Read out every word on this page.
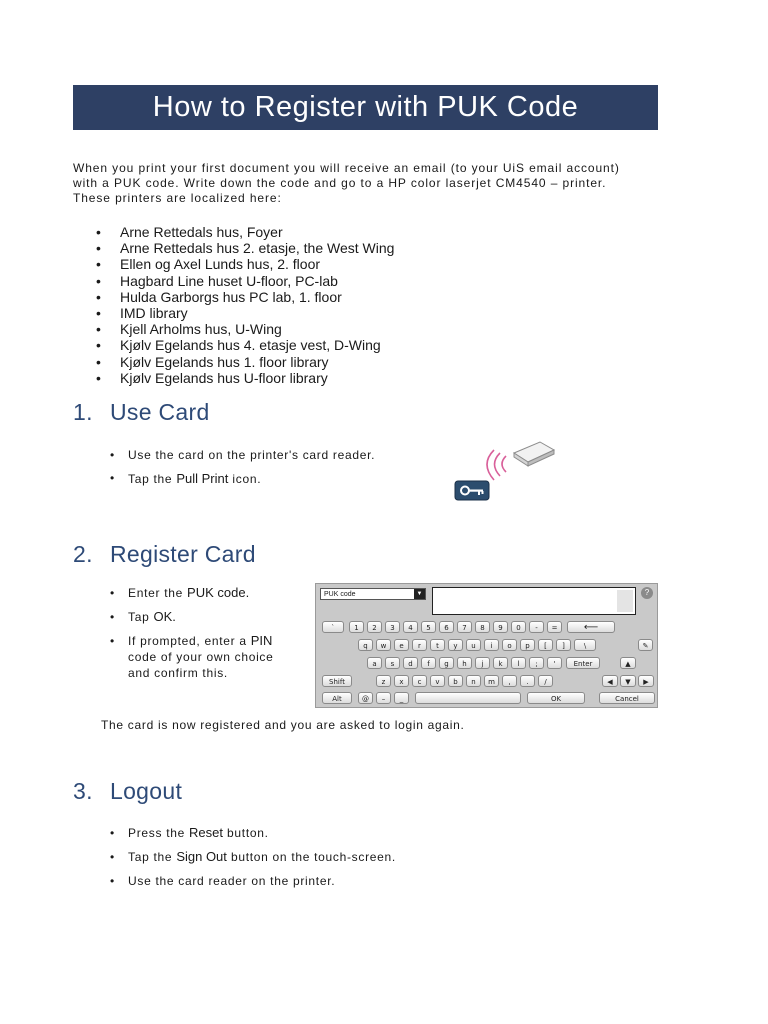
How to Register with PUK Code
When you print your first document you will receive an email (to your UiS email account)
with a PUK code. Write down the code and go to a HP color laserjet CM4540 – printer.
These printers are localized here:
• Arne Rettedals hus, Foyer
• Arne Rettedals hus 2. etasje, the West Wing
• Ellen og Axel Lunds hus, 2. floor
• Hagbard Line huset U-floor, PC-lab
• Hulda Garborgs hus PC lab, 1. floor
• IMD library
• Kjell Arholms hus, U-Wing
• Kjølv Egelands hus 4. etasje vest, D-Wing
• Kjølv Egelands hus 1. floor library
• Kjølv Egelands hus U-floor library
1. Use Card
• Use the card on the printer's card reader.
• Tap the Pull Print icon.
2. Register Card
• Enter the PUK code.
• Tap OK.
• If prompted, enter a PIN
code of your own choice
and confirm this.
PUK code	▼	?
`	1	2	3	4	5	6	7	8	9	0	-	=	⟵
q	w	e	r	t	y	u	i	o	p	[	]	\	✎
a	s	d	f	g	h	j	k	l	;	'	Enter	▲
Shift	z	x	c	v	b	n	m	,	.	/	◀	▼	▶
Alt	@	–	_	OK	Cancel
The card is now registered and you are asked to login again.
3. Logout
• Press the Reset button.
• Tap the Sign Out button on the touch-screen.
• Use the card reader on the printer.
